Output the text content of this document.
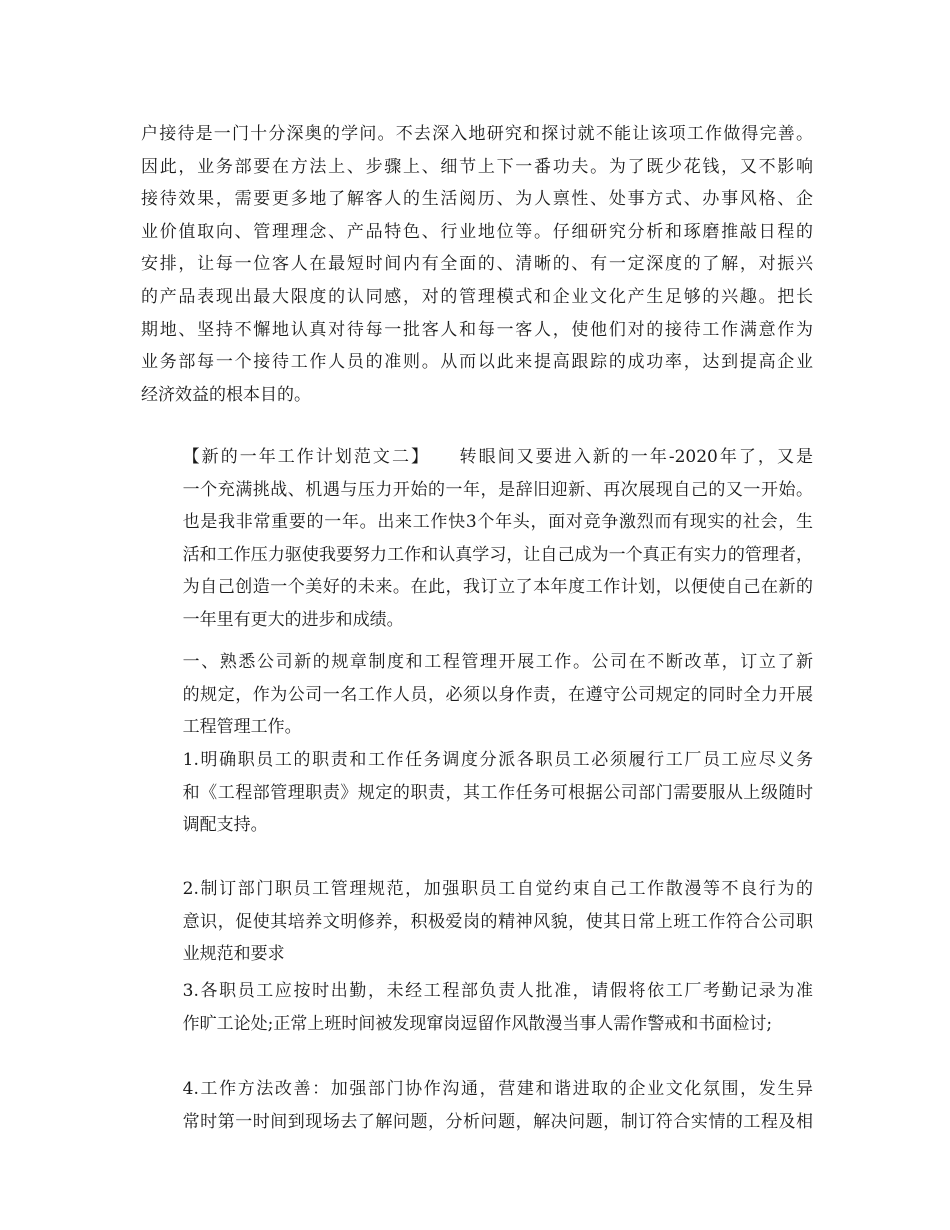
户接待是一门十分深奥的学问。不去深入地研究和探讨就不能让该项工作做得完善。
因此，业务部要在方法上、步骤上、细节上下一番功夫。为了既少花钱，又不影响
接待效果，需要更多地了解客人的生活阅历、为人禀性、处事方式、办事风格、企
业价值取向、管理理念、产品特色、行业地位等。仔细研究分析和琢磨推敲日程的
安排，让每一位客人在最短时间内有全面的、清晰的、有一定深度的了解，对振兴
的产品表现出最大限度的认同感，对的管理模式和企业文化产生足够的兴趣。把长
期地、坚持不懈地认真对待每一批客人和每一客人，使他们对的接待工作满意作为
业务部每一个接待工作人员的准则。从而以此来提高跟踪的成功率，达到提高企业
经济效益的根本目的。

【新的一年工作计划范文二】　　转眼间又要进入新的一年-2020年了，又是
一个充满挑战、机遇与压力开始的一年，是辞旧迎新、再次展现自己的又一开始。
也是我非常重要的一年。出来工作快3个年头，面对竞争激烈而有现实的社会，生
活和工作压力驱使我要努力工作和认真学习，让自己成为一个真正有实力的管理者，
为自己创造一个美好的未来。在此，我订立了本年度工作计划，以便使自己在新的
一年里有更大的进步和成绩。

一、熟悉公司新的规章制度和工程管理开展工作。公司在不断改革，订立了新
的规定，作为公司一名工作人员，必须以身作责，在遵守公司规定的同时全力开展
工程管理工作。

1.明确职员工的职责和工作任务调度分派各职员工必须履行工厂员工应尽义务
和《工程部管理职责》规定的职责，其工作任务可根据公司部门需要服从上级随时
调配支持。

2.制订部门职员工管理规范，加强职员工自觉约束自己工作散漫等不良行为的
意识，促使其培养文明修养，积极爱岗的精神风貌，使其日常上班工作符合公司职
业规范和要求

3.各职员工应按时出勤，未经工程部负责人批准，请假将依工厂考勤记录为准
作旷工论处;正常上班时间被发现窜岗逗留作风散漫当事人需作警戒和书面检讨;

4.工作方法改善：加强部门协作沟通，营建和谐进取的企业文化氛围，发生异
常时第一时间到现场去了解问题，分析问题，解决问题，制订符合实情的工程及相
